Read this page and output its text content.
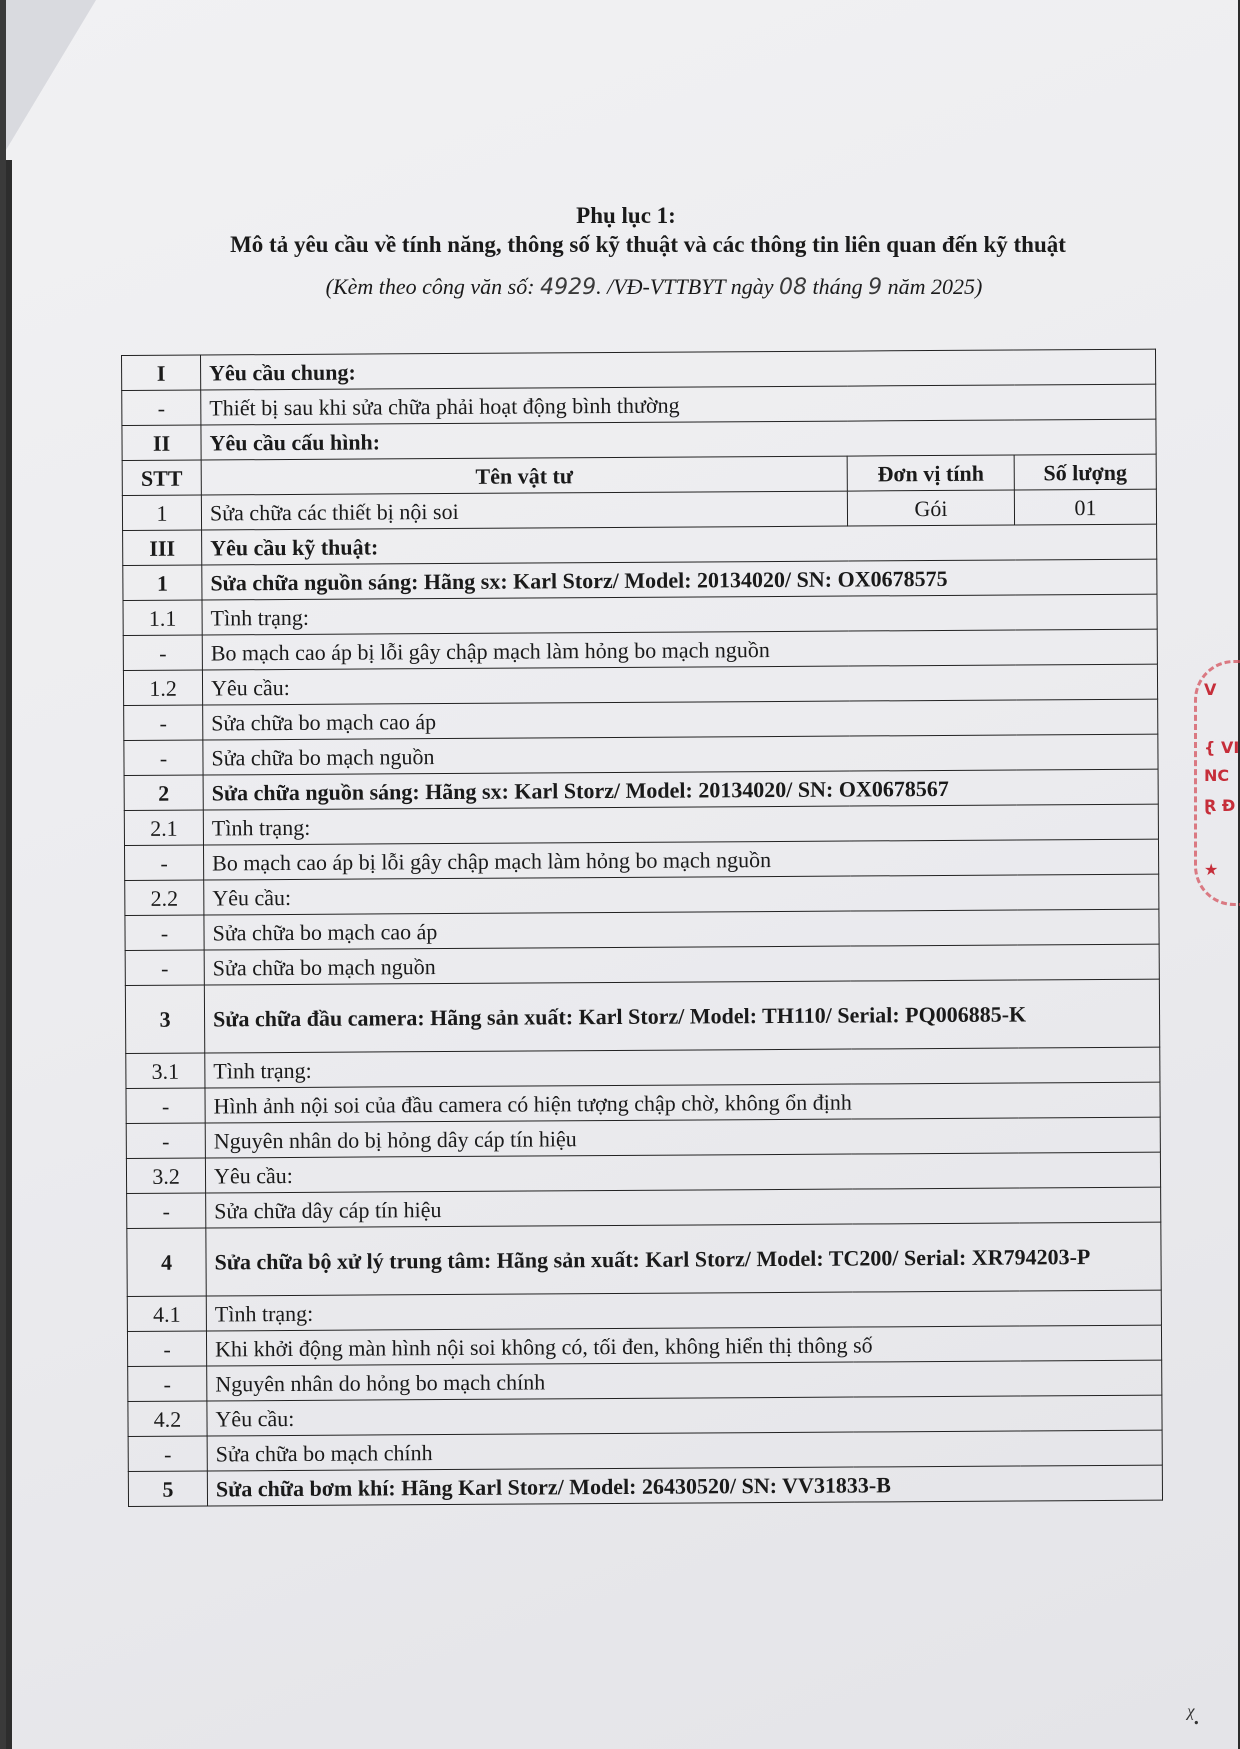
Phụ lục 1:
Mô tả yêu cầu về tính năng, thông số kỹ thuật và các thông tin liên quan đến kỹ thuật
(Kèm theo công văn số: 4929. /VĐ-VTTBYT ngày 08 tháng 9 năm 2025)
I	Yêu cầu chung:		
-	Thiết bị sau khi sửa chữa phải hoạt động bình thường		
II	Yêu cầu cấu hình:		
STT	Tên vật tư	Đơn vị tính	Số lượng
1	Sửa chữa các thiết bị nội soi	Gói	01
III	Yêu cầu kỹ thuật:		
1	Sửa chữa nguồn sáng: Hãng sx: Karl Storz/ Model: 20134020/ SN: OX0678575		
1.1	Tình trạng:		
-	Bo mạch cao áp bị lỗi gây chập mạch làm hỏng bo mạch nguồn		
1.2	Yêu cầu:		
-	Sửa chữa bo mạch cao áp		
-	Sửa chữa bo mạch nguồn		
2	Sửa chữa nguồn sáng: Hãng sx: Karl Storz/ Model: 20134020/ SN: OX0678567		
2.1	Tình trạng:		
-	Bo mạch cao áp bị lỗi gây chập mạch làm hỏng bo mạch nguồn		
2.2	Yêu cầu:		
-	Sửa chữa bo mạch cao áp		
-	Sửa chữa bo mạch nguồn		
3	Sửa chữa đầu camera: Hãng sản xuất: Karl Storz/ Model: TH110/ Serial: PQ006885-K		
3.1	Tình trạng:		
-	Hình ảnh nội soi của đầu camera có hiện tượng chập chờ, không ổn định		
-	Nguyên nhân do bị hỏng dây cáp tín hiệu		
3.2	Yêu cầu:		
-	Sửa chữa dây cáp tín hiệu		
4	Sửa chữa bộ xử lý trung tâm: Hãng sản xuất: Karl Storz/ Model: TC200/ Serial: XR794203-P		
4.1	Tình trạng:		
-	Khi khởi động màn hình nội soi không có, tối đen, không hiển thị thông số		
-	Nguyên nhân do hỏng bo mạch chính		
4.2	Yêu cầu:		
-	Sửa chữa bo mạch chính		
5	Sửa chữa bơm khí: Hãng Karl Storz/ Model: 26430520/ SN: VV31833-B		
V
{ VI
NC
Ɽ Đ
★
ᵡ.
